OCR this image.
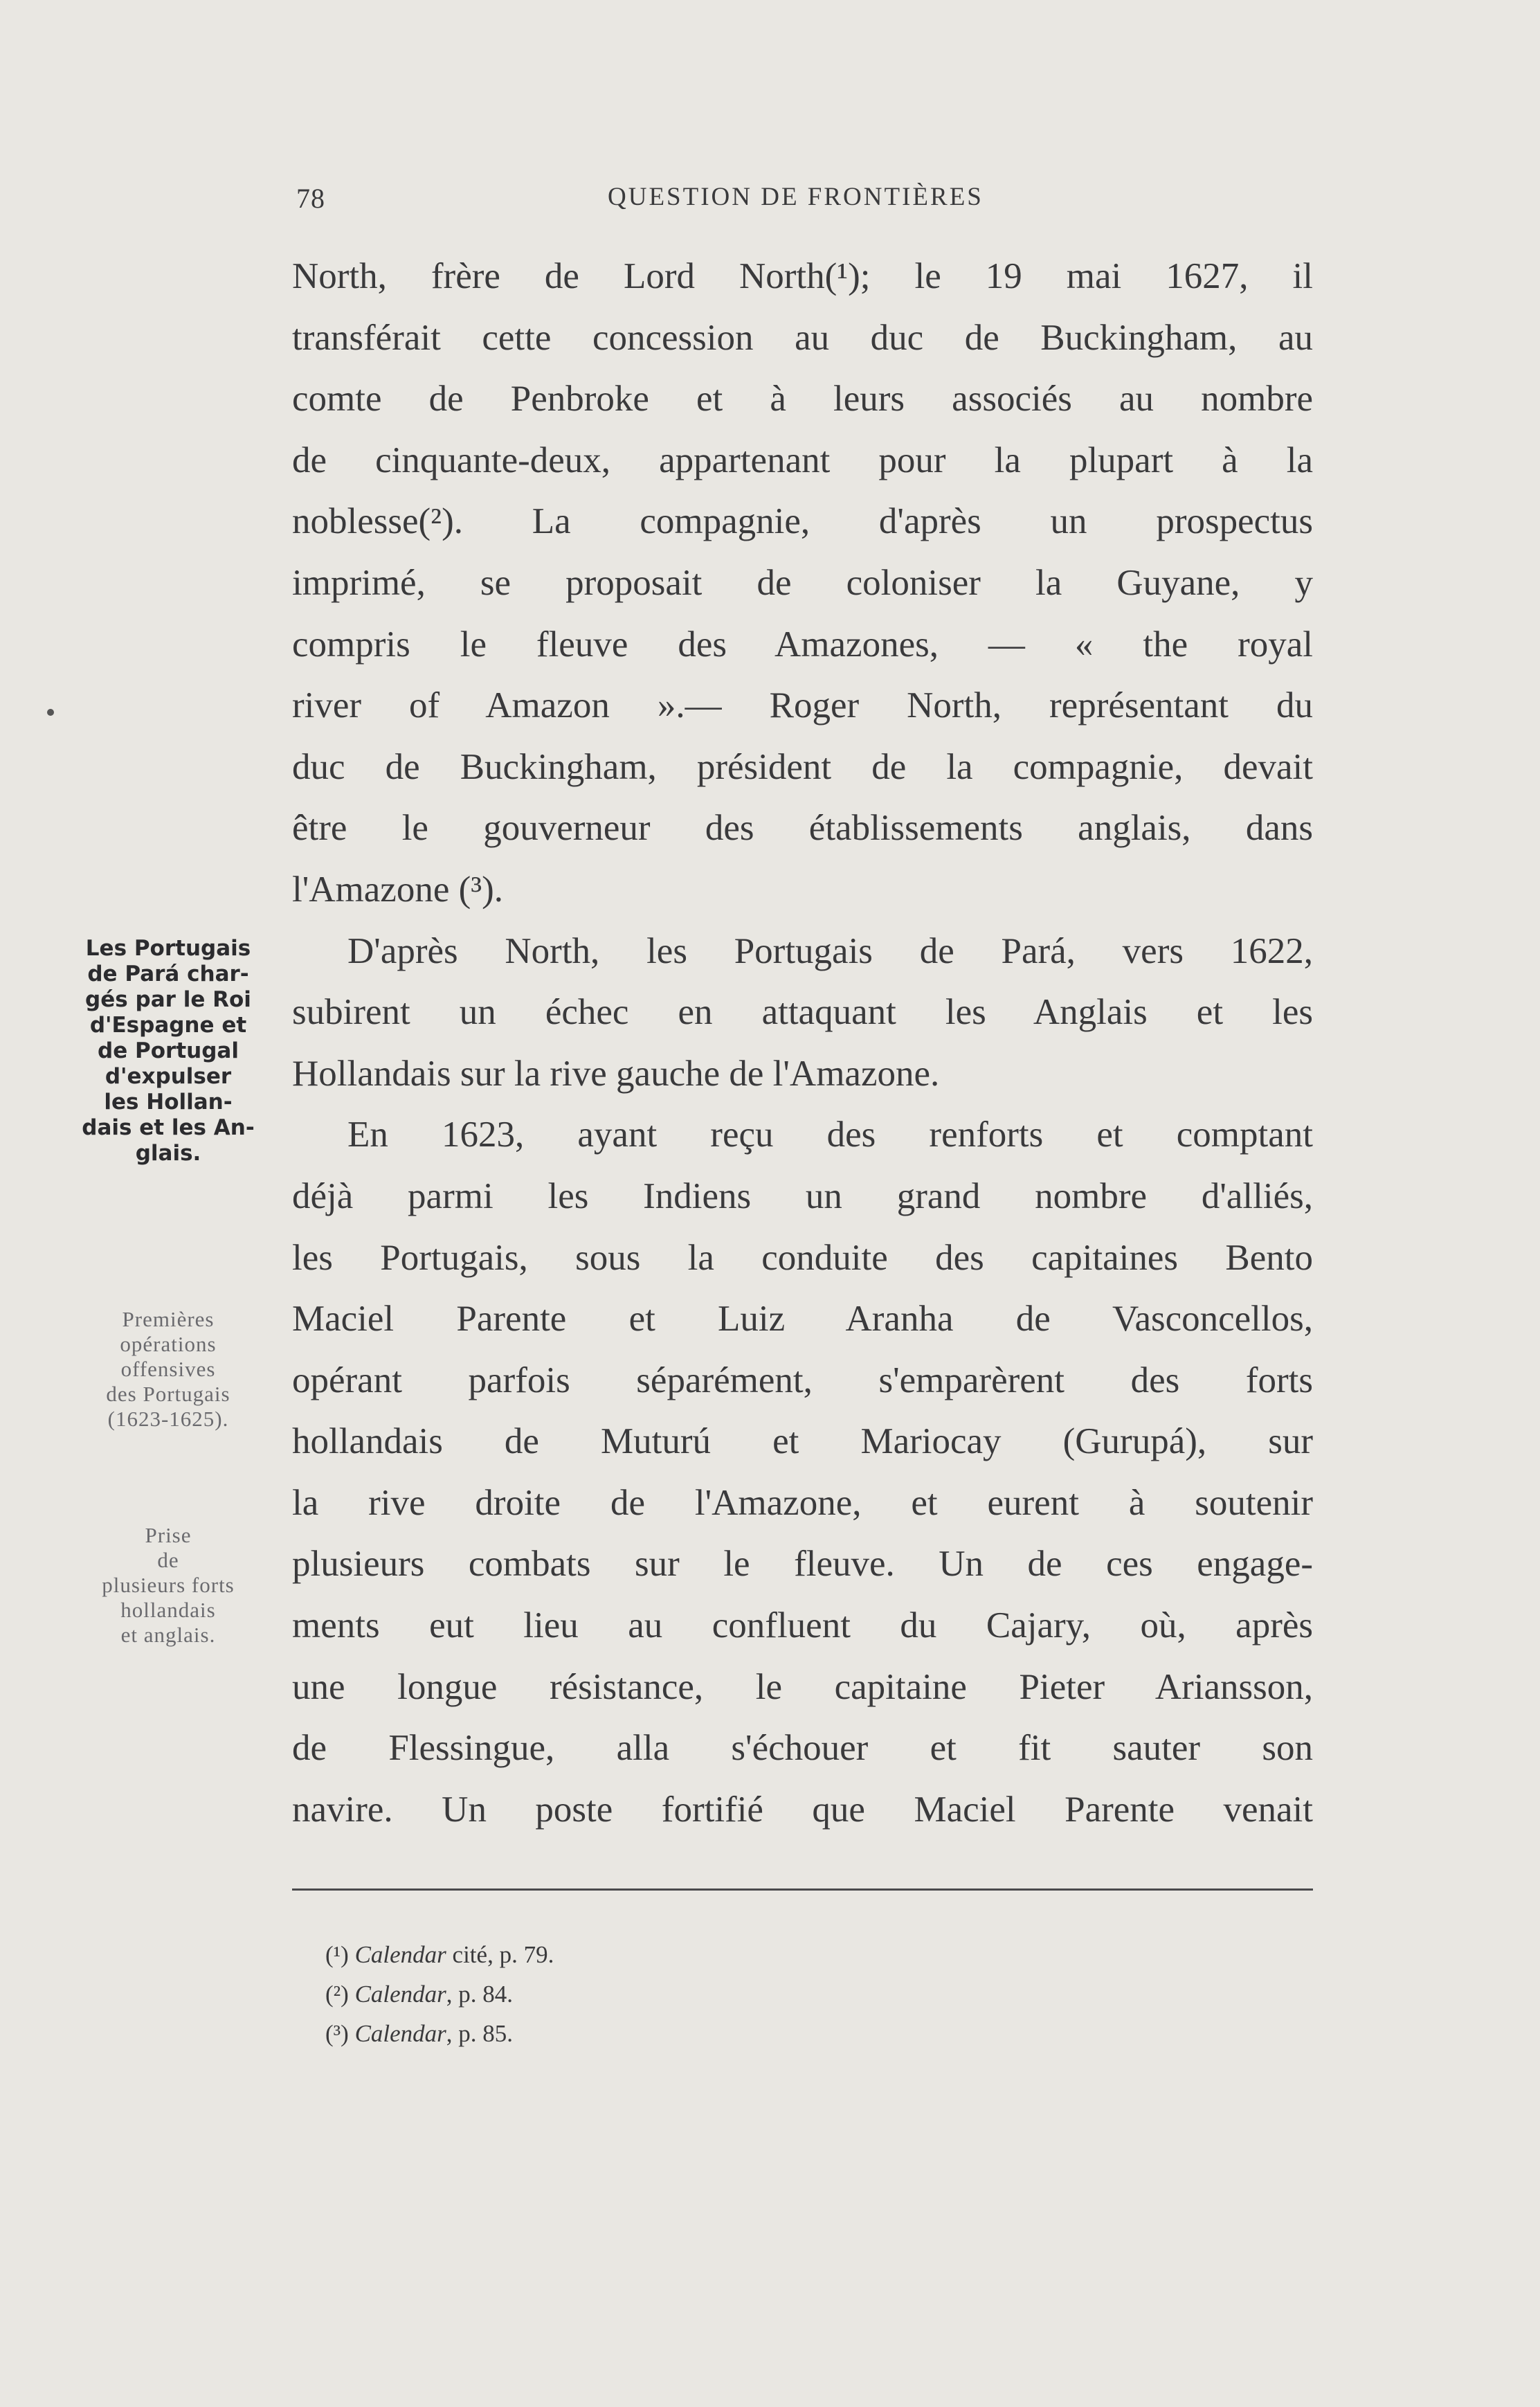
78	QUESTION DE FRONTIÈRES
North, frère de Lord North(¹); le 19 mai 1627, il
transférait cette concession au duc de Buckingham, au
comte de Penbroke et à leurs associés au nombre
de cinquante-deux, appartenant pour la plupart à la
noblesse(²). La compagnie, d'après un prospectus
imprimé, se proposait de coloniser la Guyane, y
compris le fleuve des Amazones, — « the royal
river of Amazon ».— Roger North, représentant du
duc de Buckingham, président de la compagnie, devait
être le gouverneur des établissements anglais, dans
l'Amazone (³).
D'après North, les Portugais de Pará, vers 1622,
subirent un échec en attaquant les Anglais et les
Hollandais sur la rive gauche de l'Amazone.
En 1623, ayant reçu des renforts et comptant
déjà parmi les Indiens un grand nombre d'alliés,
les Portugais, sous la conduite des capitaines Bento
Maciel Parente et Luiz Aranha de Vasconcellos,
opérant parfois séparément, s'emparèrent des forts
hollandais de Muturú et Mariocay (Gurupá), sur
la rive droite de l'Amazone, et eurent à soutenir
plusieurs combats sur le fleuve. Un de ces engage-
ments eut lieu au confluent du Cajary, où, après
une longue résistance, le capitaine Pieter Ariansson,
de Flessingue, alla s'échouer et fit sauter son
navire. Un poste fortifié que Maciel Parente venait
Les Portugais
de Pará char-
gés par le Roi
d'Espagne et
de Portugal
d'expulser
les Hollan-
dais et les An-
glais.
Premières
opérations
offensives
des Portugais
(1623-1625).
Prise
de
plusieurs forts
hollandais
et anglais.
(¹) Calendar cité, p. 79.
(²) Calendar, p. 84.
(³) Calendar, p. 85.
